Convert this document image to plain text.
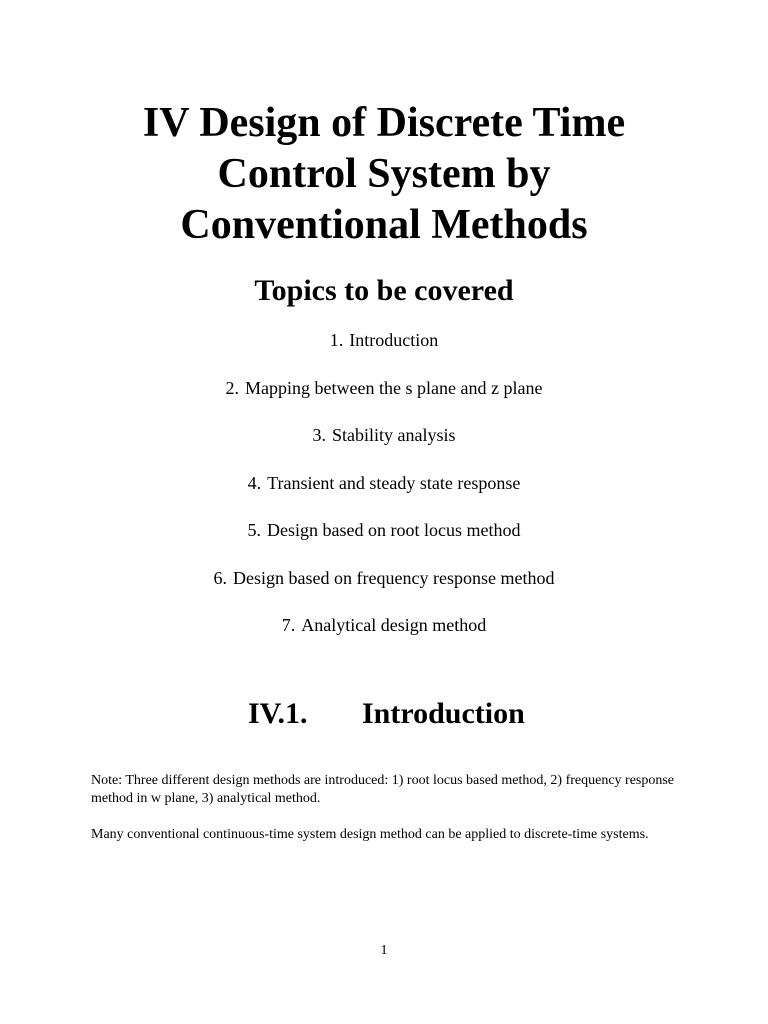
IV Design of Discrete Time
Control System by
Conventional Methods
Topics to be covered
1. Introduction
2. Mapping between the s plane and z plane
3. Stability analysis
4. Transient and steady state response
5. Design based on root locus method
6. Design based on frequency response method
7. Analytical design method
IV.1. Introduction

Note: Three different design methods are introduced: 1) root locus based method, 2) frequency response method in w plane, 3) analytical method.

Many conventional continuous-time system design method can be applied to discrete-time systems.

1
